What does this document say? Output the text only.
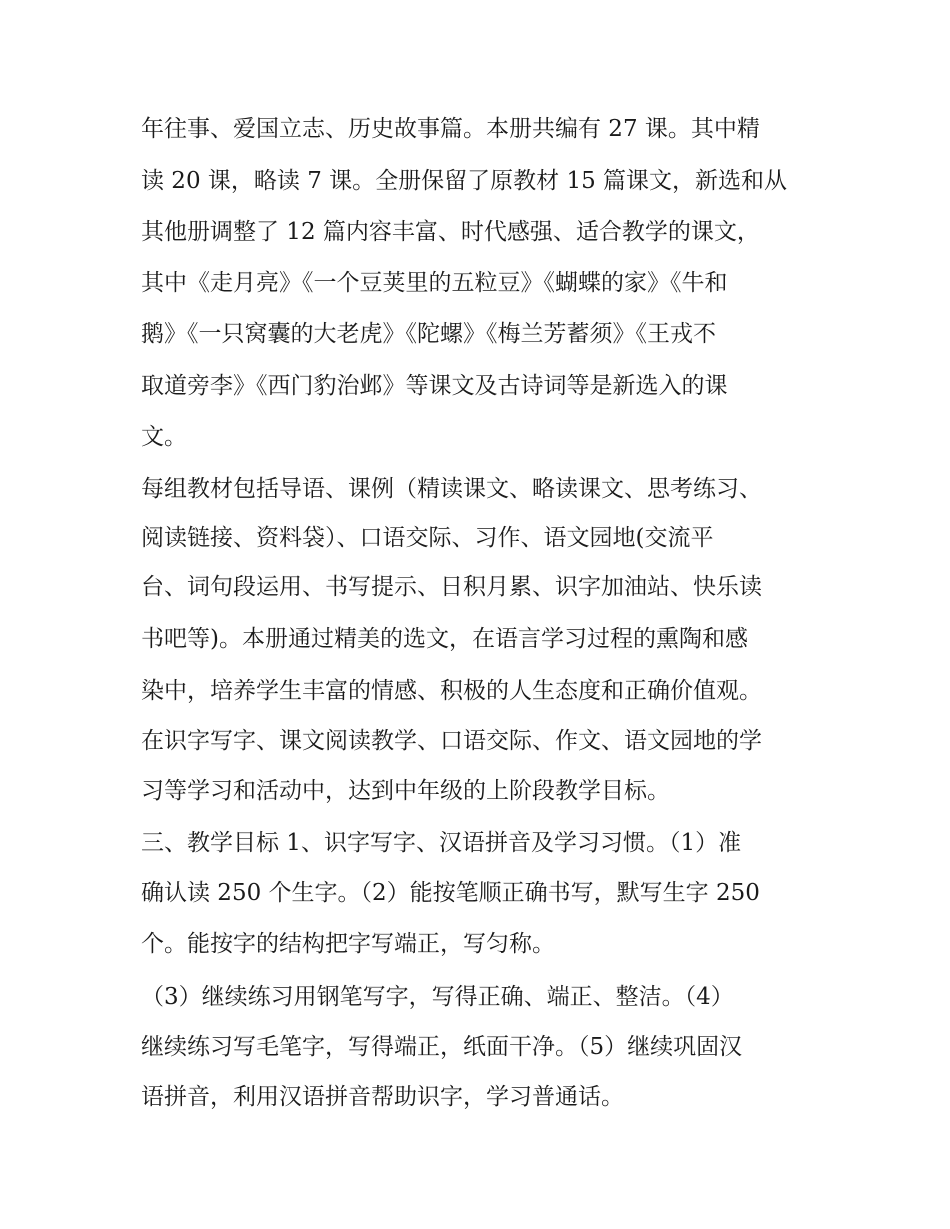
年往事、爱国立志、历史故事篇。本册共编有 27 课。其中精
读 20 课，略读 7 课。全册保留了原教材 15 篇课文，新选和从
其他册调整了 12 篇内容丰富、时代感强、适合教学的课文，
其中《走月亮》《一个豆荚里的五粒豆》《蝴蝶的家》《牛和
鹅》《一只窝囊的大老虎》《陀螺》《梅兰芳蓄须》《王戎不
取道旁李》《西门豹治邺》等课文及古诗词等是新选入的课
文。
每组教材包括导语、课例（精读课文、略读课文、思考练习、
阅读链接、资料袋）、口语交际、习作、语文园地(交流平
台、词句段运用、书写提示、日积月累、识字加油站、快乐读
书吧等)。本册通过精美的选文，在语言学习过程的熏陶和感
染中，培养学生丰富的情感、积极的人生态度和正确价值观。
在识字写字、课文阅读教学、口语交际、作文、语文园地的学
习等学习和活动中，达到中年级的上阶段教学目标。
三、教学目标 1、识字写字、汉语拼音及学习习惯。（1）准
确认读 250 个生字。（2）能按笔顺正确书写，默写生字 250
个。能按字的结构把字写端正，写匀称。
（3）继续练习用钢笔写字，写得正确、端正、整洁。（4）
继续练习写毛笔字，写得端正，纸面干净。（5）继续巩固汉
语拼音，利用汉语拼音帮助识字，学习普通话。
